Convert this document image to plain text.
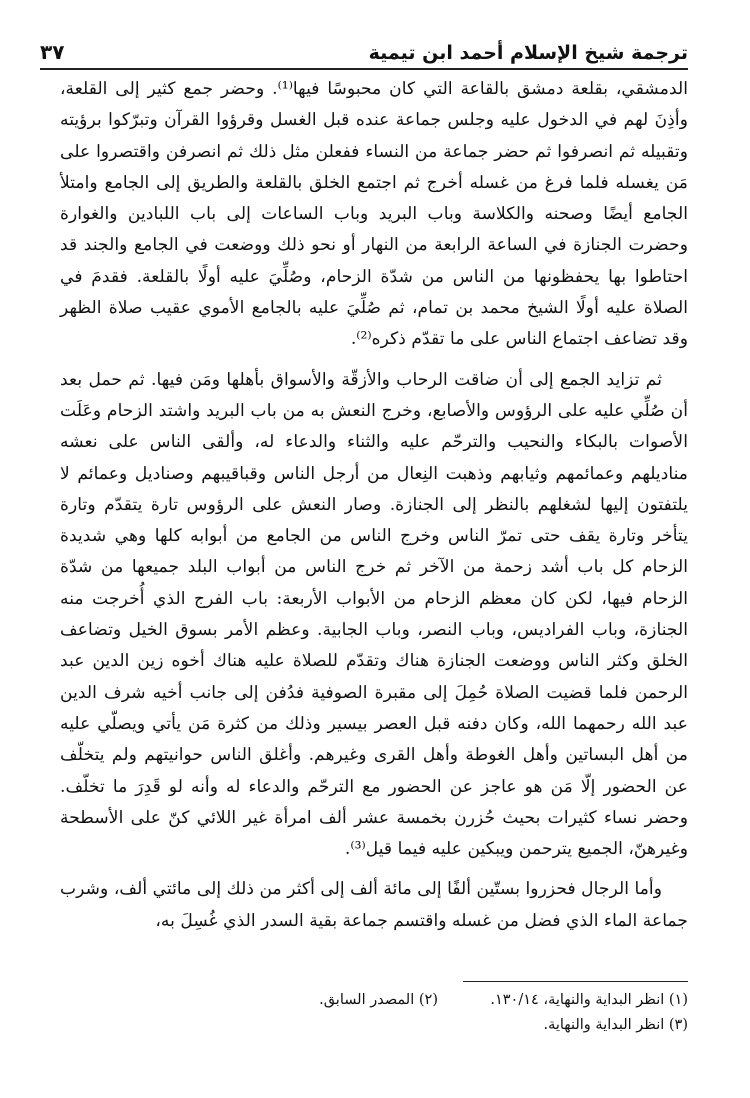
ترجمة شيخ الإسلام أحمد ابن تيمية
٣٧

الدمشقي، بقلعة دمشق بالقاعة التي كان محبوسًا فيها⁽¹⁾. وحضر جمع كثير إلى القلعة، وأذِنَ لهم في الدخول عليه وجلس جماعة عنده قبل الغسل وقرؤوا القرآن وتبرّكوا برؤيته وتقبيله ثم انصرفوا ثم حضر جماعة من النساء ففعلن مثل ذلك ثم انصرفن واقتصروا على مَن يغسله فلما فرغ من غسله أخرج ثم اجتمع الخلق بالقلعة والطريق إلى الجامع وامتلأ الجامع أيضًا وصحنه والكلاسة وباب البريد وباب الساعات إلى باب اللبادين والغوارة وحضرت الجنازة في الساعة الرابعة من النهار أو نحو ذلك ووضعت في الجامع والجند قد احتاطوا بها يحفظونها من الناس من شدّة الزحام، وصُلِّيَ عليه أولًا بالقلعة. فقدمَ في الصلاة عليه أولًا الشيخ محمد بن تمام، ثم صُلِّيَ عليه بالجامع الأموي عقيب صلاة الظهر وقد تضاعف اجتماع الناس على ما تقدّم ذكره⁽²⁾.

ثم تزايد الجمع إلى أن ضاقت الرحاب والأزقّة والأسواق بأهلها ومَن فيها. ثم حمل بعد أن صُلِّي عليه على الرؤوس والأصابع، وخرج النعش به من باب البريد واشتد الزحام وعَلَت الأصوات بالبكاء والنحيب والترحّم عليه والثناء والدعاء له، وألقى الناس على نعشه مناديلهم وعمائمهم وثيابهم وذهبت النِعال من أرجل الناس وقباقيبهم وصناديل وعمائم لا يلتفتون إليها لشغلهم بالنظر إلى الجنازة. وصار النعش على الرؤوس تارة يتقدّم وتارة يتأخر وتارة يقف حتى تمرّ الناس وخرج الناس من الجامع من أبوابه كلها وهي شديدة الزحام كل باب أشد زحمة من الآخر ثم خرج الناس من أبواب البلد جميعها من شدّة الزحام فيها، لكن كان معظم الزحام من الأبواب الأربعة: باب الفرج الذي أُخرجت منه الجنازة، وباب الفراديس، وباب النصر، وباب الجابية. وعظم الأمر بسوق الخيل وتضاعف الخلق وكثر الناس ووضعت الجنازة هناك وتقدّم للصلاة عليه هناك أخوه زين الدين عبد الرحمن فلما قضيت الصلاة حُمِلَ إلى مقبرة الصوفية فدُفن إلى جانب أخيه شرف الدين عبد الله رحمهما الله، وكان دفنه قبل العصر بيسير وذلك من كثرة مَن يأتي ويصلّي عليه من أهل البساتين وأهل الغوطة وأهل القرى وغيرهم. وأغلق الناس حوانيتهم ولم يتخلّف عن الحضور إلّا مَن هو عاجز عن الحضور مع الترحّم والدعاء له وأنه لو قَدِرَ ما تخلّف. وحضر نساء كثيرات بحيث حُزرن بخمسة عشر ألف امرأة غير اللائي كنّ على الأسطحة وغيرهنّ، الجميع يترحمن ويبكين عليه فيما قيل⁽³⁾.

وأما الرجال فحزروا بستّين ألفًا إلى مائة ألف إلى أكثر من ذلك إلى مائتي ألف، وشرب جماعة الماء الذي فضل من غسله واقتسم جماعة بقية السدر الذي غُسِلَ به،

(١) انظر البداية والنهاية، ١٣٠/١٤.
(٢) المصدر السابق.
(٣) انظر البداية والنهاية.
